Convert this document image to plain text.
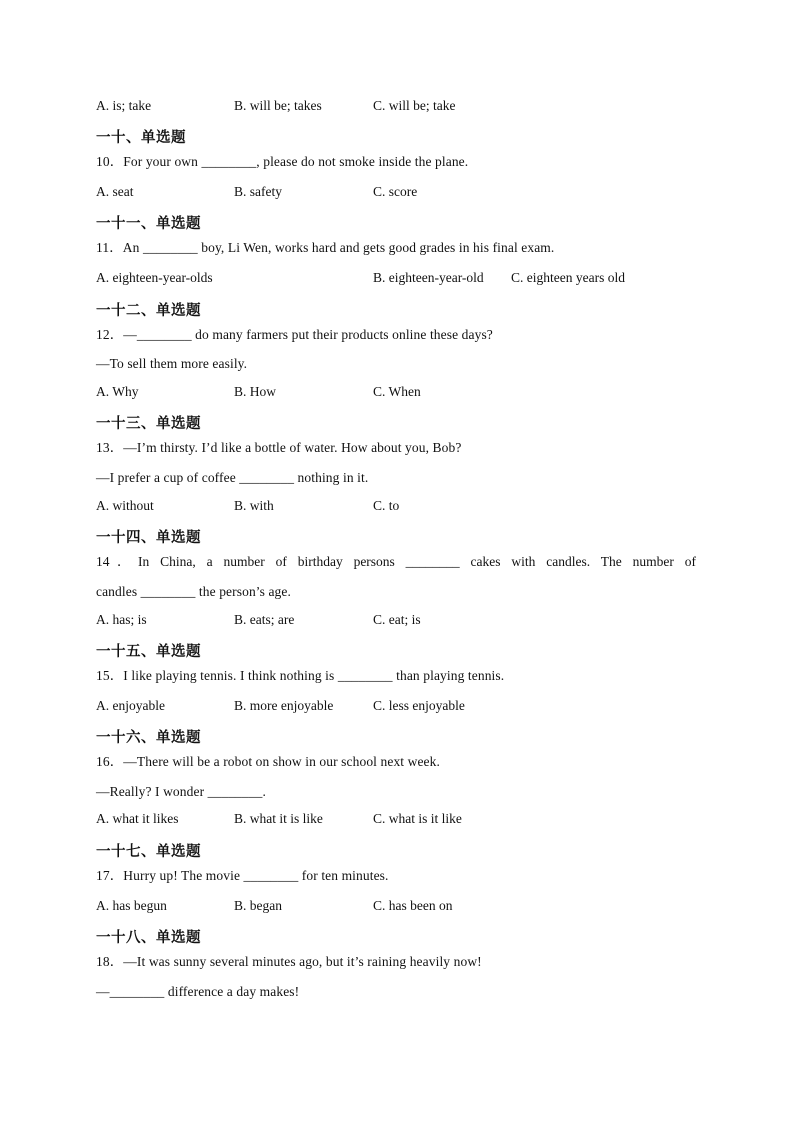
A. is; take	B. will be; takes	C. will be; take
一十、单选题
10．For your own ________, please do not smoke inside the plane.
A. seat	B. safety	C. score
一十一、单选题
11．An ________ boy, Li Wen, works hard and gets good grades in his final exam.
A. eighteen-year-olds	B. eighteen-year-old C. eighteen years old
一十二、单选题
12．—________ do many farmers put their products online these days?
—To sell them more easily.
A. Why	B. How	C. When
一十三、单选题
13．—I’m thirsty. I’d like a bottle of water. How about you, Bob?
—I prefer a cup of coffee ________ nothing in it.
A. without	B. with	C. to
一十四、单选题
14．In China, a number of birthday persons ________ cakes with candles. The number of
candles ________ the person’s age.
A. has; is	B. eats; are	C. eat; is
一十五、单选题
15．I like playing tennis. I think nothing is ________ than playing tennis.
A. enjoyable	B. more enjoyable	C. less enjoyable
一十六、单选题
16．—There will be a robot on show in our school next week.
—Really? I wonder ________.
A. what it likes	B. what it is like	C. what is it like
一十七、单选题
17．Hurry up! The movie ________ for ten minutes.
A. has begun	B. began	C. has been on
一十八、单选题
18．—It was sunny several minutes ago, but it’s raining heavily now!
—________ difference a day makes!
